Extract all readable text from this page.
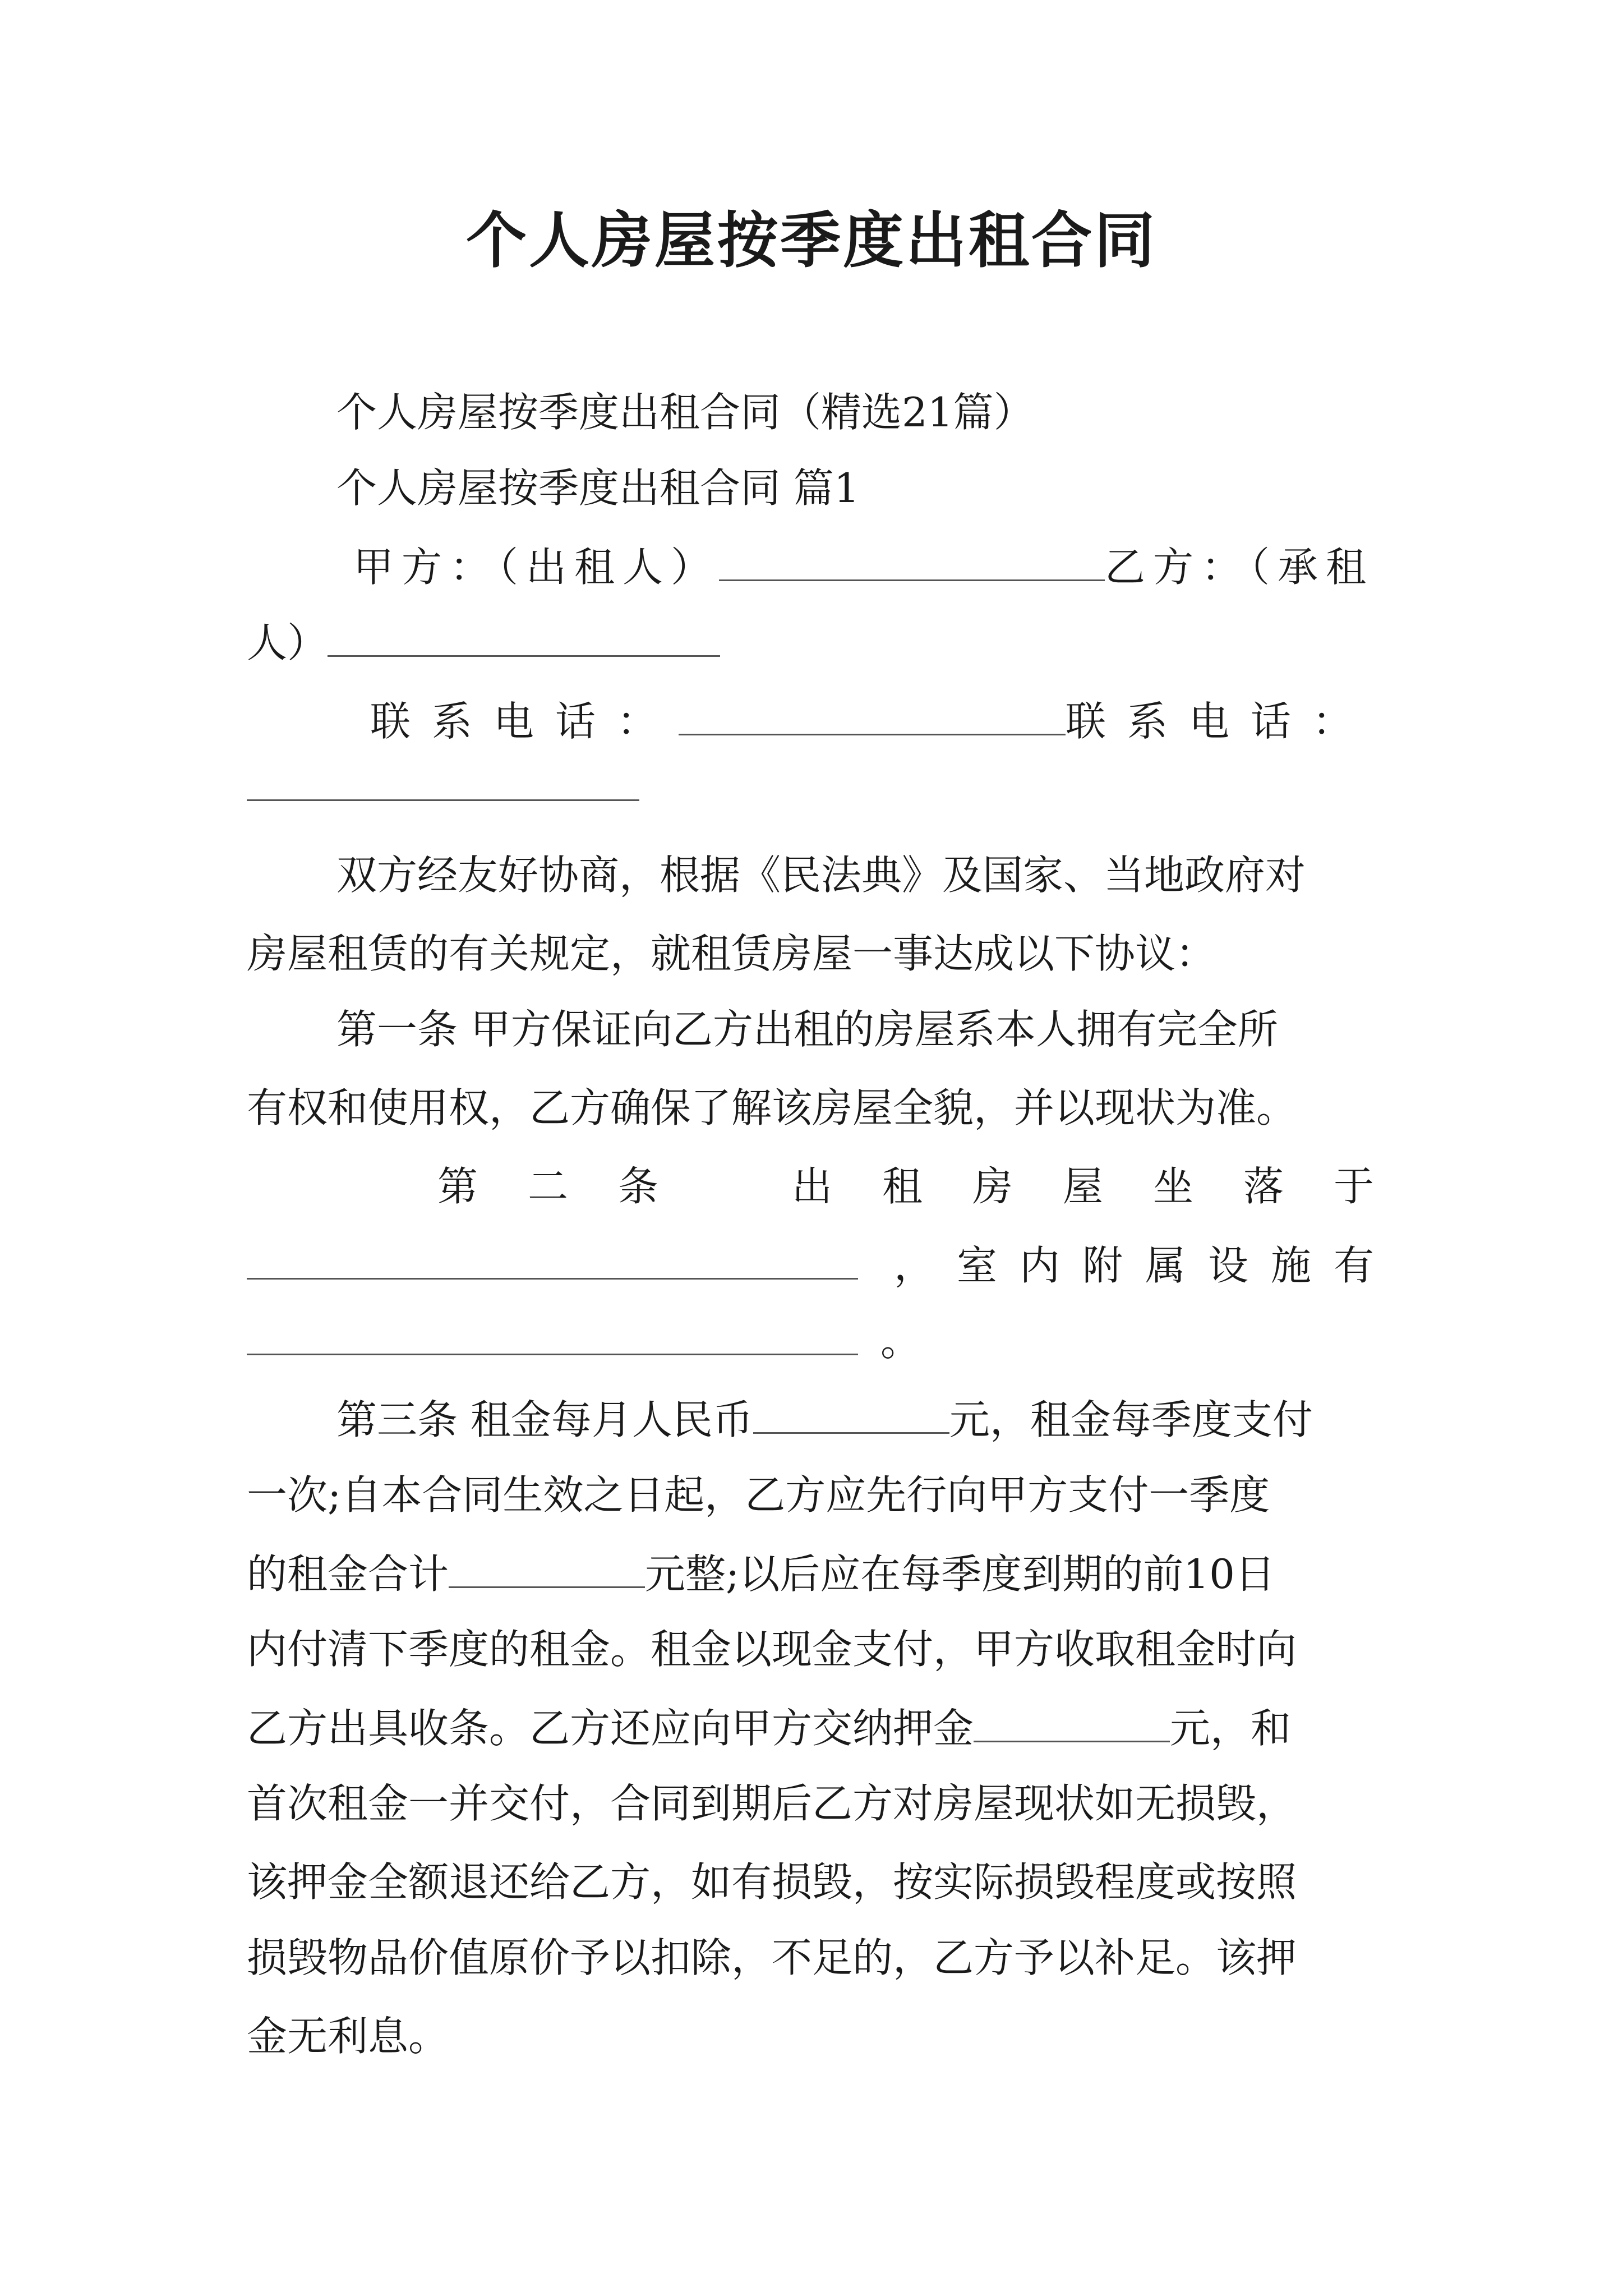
个人房屋按季度出租合同
个人房屋按季度出租合同（精选21篇）
个人房屋按季度出租合同 篇1
甲方：（出租人）	乙方：（承租
人）
联系电话：	联系电话：
双方经友好协商，根据《民法典》及国家、当地政府对
房屋租赁的有关规定，就租赁房屋一事达成以下协议：
第一条 甲方保证向乙方出租的房屋系本人拥有完全所
有权和使用权，乙方确保了解该房屋全貌，并以现状为准。
第 二 条	出 租 房 屋 坐 落 于
，室内附属设施有
。
第三条 租金每月人民币	元，租金每季度支付
一次;自本合同生效之日起，乙方应先行向甲方支付一季度
的租金合计	元整;以后应在每季度到期的前10日
内付清下季度的租金。租金以现金支付，甲方收取租金时向
乙方出具收条。乙方还应向甲方交纳押金	元，和
首次租金一并交付，合同到期后乙方对房屋现状如无损毁，
该押金全额退还给乙方，如有损毁，按实际损毁程度或按照
损毁物品价值原价予以扣除，不足的，乙方予以补足。该押
金无利息。
